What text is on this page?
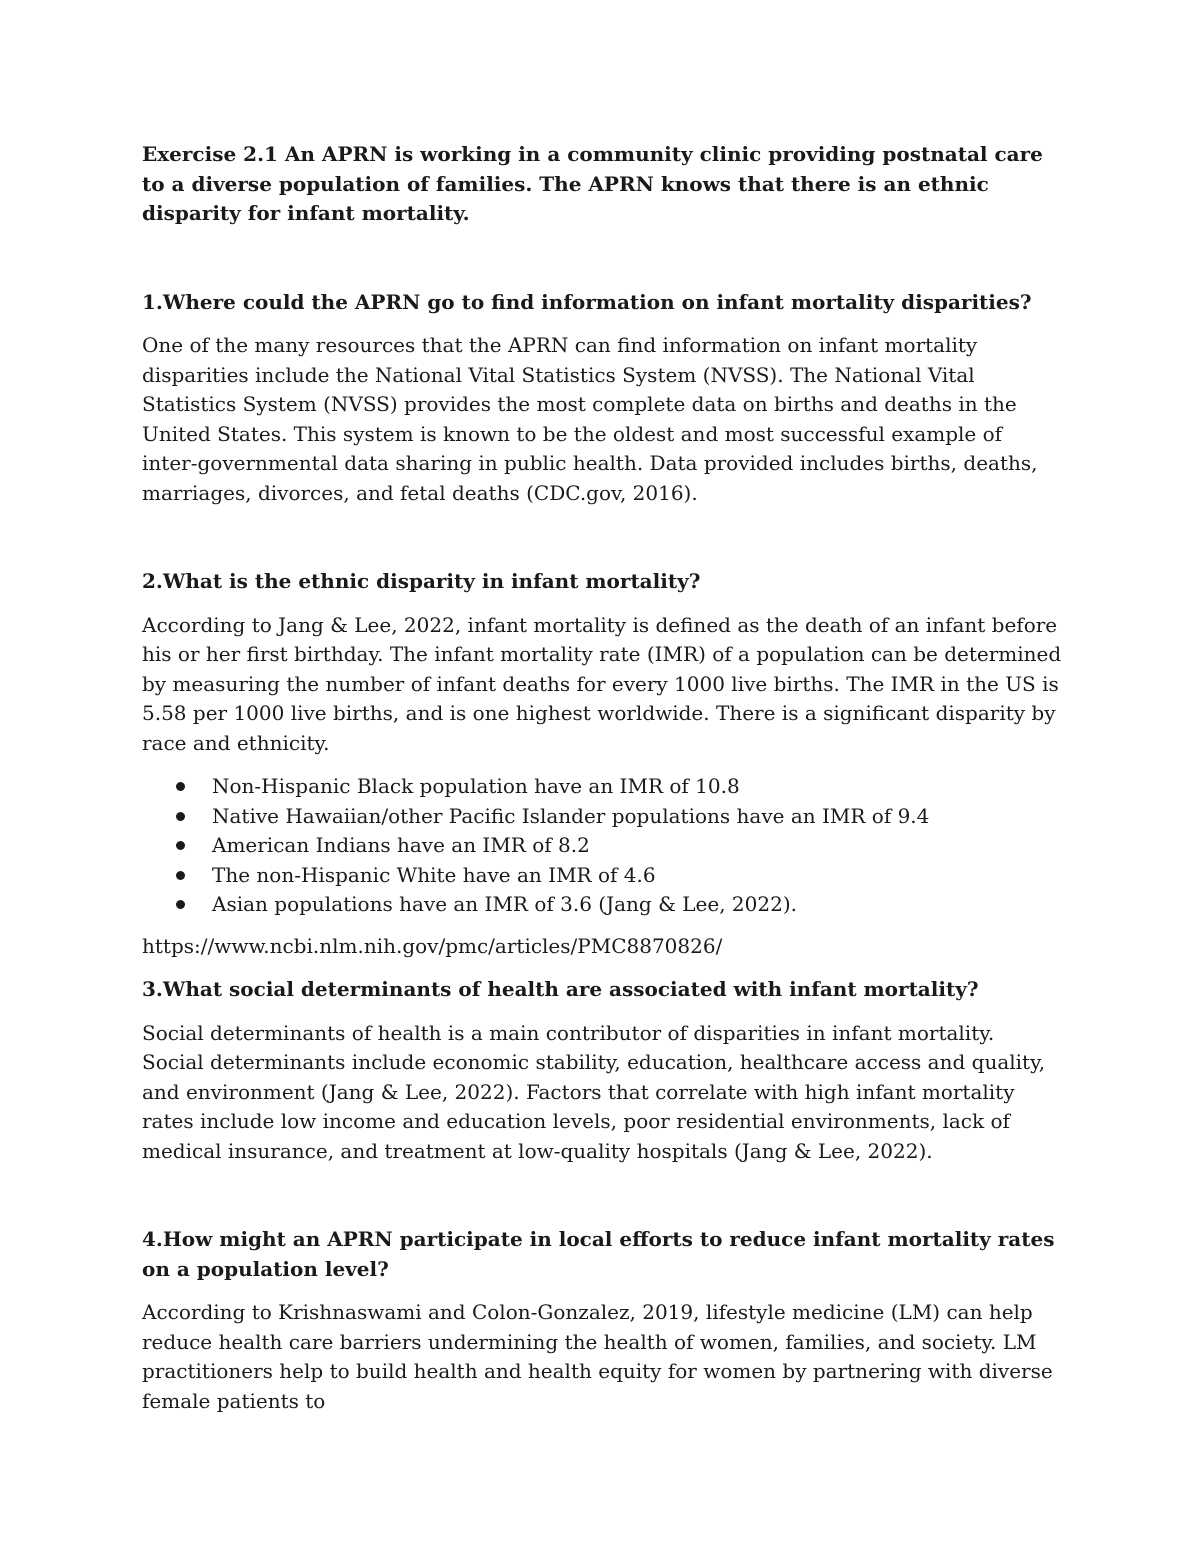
Exercise 2.1 An APRN is working in a community clinic providing postnatal care to a diverse population of families. The APRN knows that there is an ethnic disparity for infant mortality.

1.Where could the APRN go to find information on infant mortality disparities?

One of the many resources that the APRN can find information on infant mortality disparities include the National Vital Statistics System (NVSS). The National Vital Statistics System (NVSS) provides the most complete data on births and deaths in the United States. This system is known to be the oldest and most successful example of inter-governmental data sharing in public health. Data provided includes births, deaths, marriages, divorces, and fetal deaths (CDC.gov, 2016).

2.What is the ethnic disparity in infant mortality?

According to Jang & Lee, 2022, infant mortality is defined as the death of an infant before his or her first birthday. The infant mortality rate (IMR) of a population can be determined by measuring the number of infant deaths for every 1000 live births. The IMR in the US is 5.58 per 1000 live births, and is one highest worldwide. There is a significant disparity by race and ethnicity.

Non-Hispanic Black population have an IMR of 10.8
Native Hawaiian/other Pacific Islander populations have an IMR of 9.4
American Indians have an IMR of 8.2
The non-Hispanic White have an IMR of 4.6
Asian populations have an IMR of 3.6 (Jang & Lee, 2022).

https://www.ncbi.nlm.nih.gov/pmc/articles/PMC8870826/

3.What social determinants of health are associated with infant mortality?

Social determinants of health is a main contributor of disparities in infant mortality. Social determinants include economic stability, education, healthcare access and quality, and environment (Jang & Lee, 2022). Factors that correlate with high infant mortality rates include low income and education levels, poor residential environments, lack of medical insurance, and treatment at low-quality hospitals (Jang & Lee, 2022).

4.How might an APRN participate in local efforts to reduce infant mortality rates on a population level?

According to Krishnaswami and Colon-Gonzalez, 2019, lifestyle medicine (LM) can help reduce health care barriers undermining the health of women, families, and society. LM practitioners help to build health and health equity for women by partnering with diverse female patients to
